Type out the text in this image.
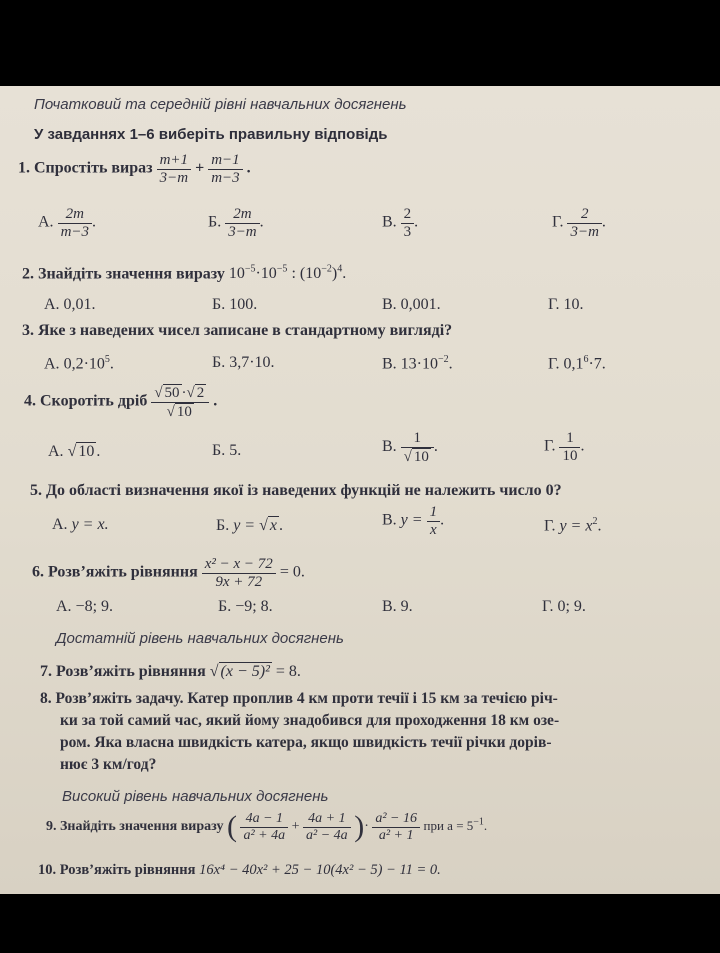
Початковий та середній рівні навчальних досягнень
У завданнях 1–6 виберіть правильну відповідь
1. Спростіть вираз $\frac{m+1}{3-m} + \frac{m-1}{m-3}$ .
А. $\frac{2m}{m-3}$ .	Б. $\frac{2m}{3-m}$ .	В. $\frac{2}{3}$ .	Г. $\frac{2}{3-m}$ .
2. Знайдіть значення виразу $10^{-5}\cdot 10^{-5}$ : $(10^{-2})^4$.
А. 0,01.	Б. 100.	В. 0,001.	Г. 10.
3. Яке з наведених чисел записане в стандартному вигляді?
А. $0,2\cdot 10^5$.	Б. 3,7·10.	В. $13\cdot 10^{-2}$.	Г. $0,1^6\cdot 7$.
4. Скоротіть дріб $\frac{√ 50 \cdot√ 2}{√ 10}$ .
А. √ 10 .	Б. 5.	В. $\frac{1}{√ 10}$ .	Г. $\frac{1}{10}$ .
5. До області визначення якої із наведених функцій не належить число 0?
А. y = x.	Б. y = √ x .	В. $y = \frac{1}{x}$ .	Г. $y = x^2$.
6. Розв’яжіть рівняння $\frac{\text{x² − x − 72}}{9x + 72} = 0$.
А. −8; 9.	Б. −9; 8.	В. 9.	Г. 0; 9.
Достатній рівень навчальних досягнень
7. Розв’яжіть рівняння √ (x − 5)² = 8.
8. Розв’яжіть задачу. Катер проплив 4 км проти течії і 15 км за течією річ-
ки за той самий час, який йому знадобився для проходження 18 км озе-
ром. Яка власна швидкість катера, якщо швидкість течії річки дорів-
нює 3 км/год?
Високий рівень навчальних досягнень
9. Знайдіть значення виразу ( $\frac{4a - 1}{\text{a² + 4a}} + \frac{4a + 1}{\text{a² − 4a}}$ )· $\frac{\text{a² − 16}}{\text{a² + 1}}$ при $a = 5^{-1}$.
10. Розв’яжіть рівняння 16x⁴ − 40x² + 25 − 10(4x² − 5) − 11 = 0.
